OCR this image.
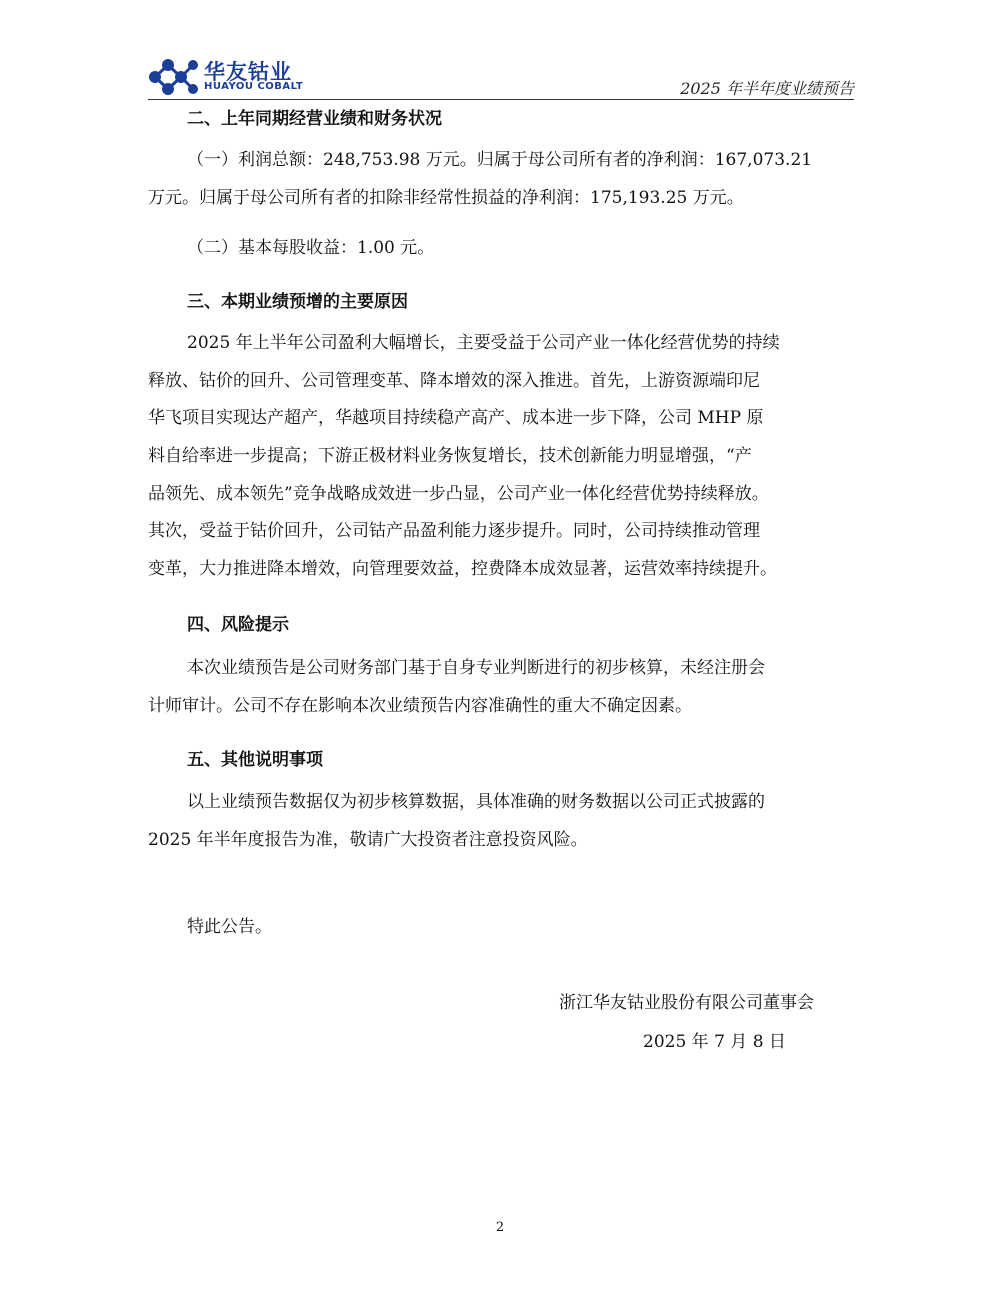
华友钴业
HUAYOU COBALT	2025 年半年度业绩预告
二、上年同期经营业绩和财务状况
（一）利润总额：248,753.98 万元。归属于母公司所有者的净利润：167,073.21
万元。归属于母公司所有者的扣除非经常性损益的净利润：175,193.25 万元。
（二）基本每股收益：1.00 元。
三、本期业绩预增的主要原因
2025 年上半年公司盈利大幅增长，主要受益于公司产业一体化经营优势的持续
释放、钴价的回升、公司管理变革、降本增效的深入推进。首先，上游资源端印尼
华飞项目实现达产超产，华越项目持续稳产高产、成本进一步下降，公司 MHP 原
料自给率进一步提高；下游正极材料业务恢复增长，技术创新能力明显增强，“产
品领先、成本领先”竞争战略成效进一步凸显，公司产业一体化经营优势持续释放。
其次，受益于钴价回升，公司钴产品盈利能力逐步提升。同时，公司持续推动管理
变革，大力推进降本增效，向管理要效益，控费降本成效显著，运营效率持续提升。
四、风险提示
本次业绩预告是公司财务部门基于自身专业判断进行的初步核算，未经注册会
计师审计。公司不存在影响本次业绩预告内容准确性的重大不确定因素。
五、其他说明事项
以上业绩预告数据仅为初步核算数据，具体准确的财务数据以公司正式披露的
2025 年半年度报告为准，敬请广大投资者注意投资风险。
特此公告。
浙江华友钴业股份有限公司董事会
2025 年 7 月 8 日
2
